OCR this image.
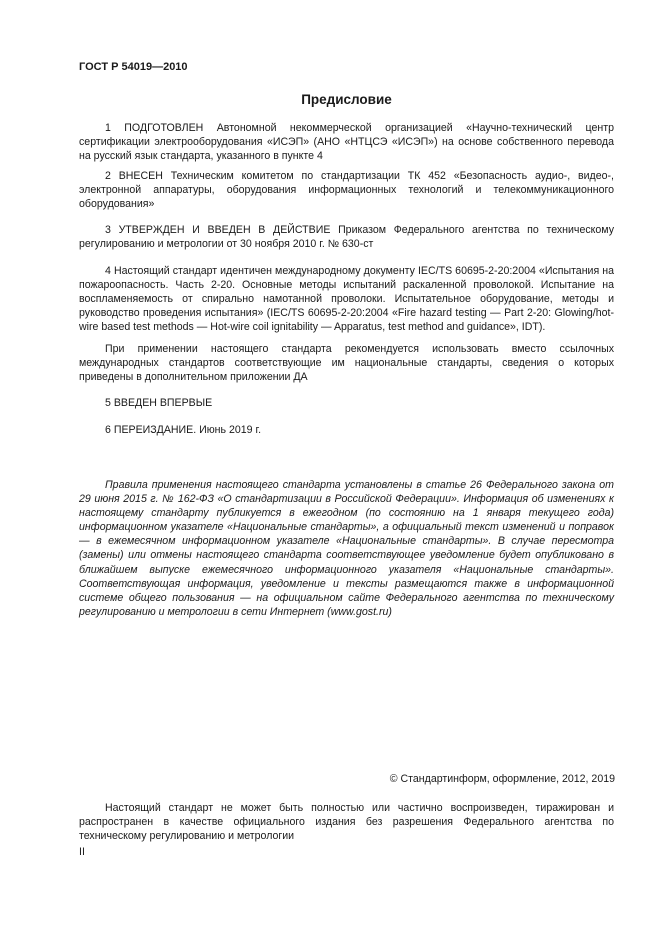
ГОСТ Р 54019—2010
Предисловие
1 ПОДГОТОВЛЕН Автономной некоммерческой организацией «Научно-технический центр сертификации электрооборудования «ИСЭП» (АНО «НТЦСЭ «ИСЭП») на основе собственного перевода на русский язык стандарта, указанного в пункте 4
2 ВНЕСЕН Техническим комитетом по стандартизации ТК 452 «Безопасность аудио-, видео-, электронной аппаратуры, оборудования информационных технологий и телекоммуникационного оборудования»
3 УТВЕРЖДЕН И ВВЕДЕН В ДЕЙСТВИЕ Приказом Федерального агентства по техническому регулированию и метрологии от 30 ноября 2010 г. № 630-ст
4 Настоящий стандарт идентичен международному документу IEC/TS 60695-2-20:2004 «Испытания на пожароопасность. Часть 2-20. Основные методы испытаний раскаленной проволокой. Испытание на воспламеняемость от спирально намотанной проволоки. Испытательное оборудование, методы и руководство проведения испытания» (IEC/TS 60695-2-20:2004 «Fire hazard testing — Part 2-20: Glowing/hot-wire based test methods — Hot-wire coil ignitability — Apparatus, test method and guidance», IDT).
При применении настоящего стандарта рекомендуется использовать вместо ссылочных международных стандартов соответствующие им национальные стандарты, сведения о которых приведены в дополнительном приложении ДА
5 ВВЕДЕН ВПЕРВЫЕ
6 ПЕРЕИЗДАНИЕ. Июнь 2019 г.
Правила применения настоящего стандарта установлены в статье 26 Федерального закона от 29 июня 2015 г. № 162-ФЗ «О стандартизации в Российской Федерации». Информация об изменениях к настоящему стандарту публикуется в ежегодном (по состоянию на 1 января текущего года) информационном указателе «Национальные стандарты», а официальный текст изменений и поправок — в ежемесячном информационном указателе «Национальные стандарты». В случае пересмотра (замены) или отмены настоящего стандарта соответствующее уведомление будет опубликовано в ближайшем выпуске ежемесячного информационного указателя «Национальные стандарты». Соответствующая информация, уведомление и тексты размещаются также в информационной системе общего пользования — на официальном сайте Федерального агентства по техническому регулированию и метрологии в сети Интернет (www.gost.ru)
© Стандартинформ, оформление, 2012, 2019
Настоящий стандарт не может быть полностью или частично воспроизведен, тиражирован и распространен в качестве официального издания без разрешения Федерального агентства по техническому регулированию и метрологии
II
